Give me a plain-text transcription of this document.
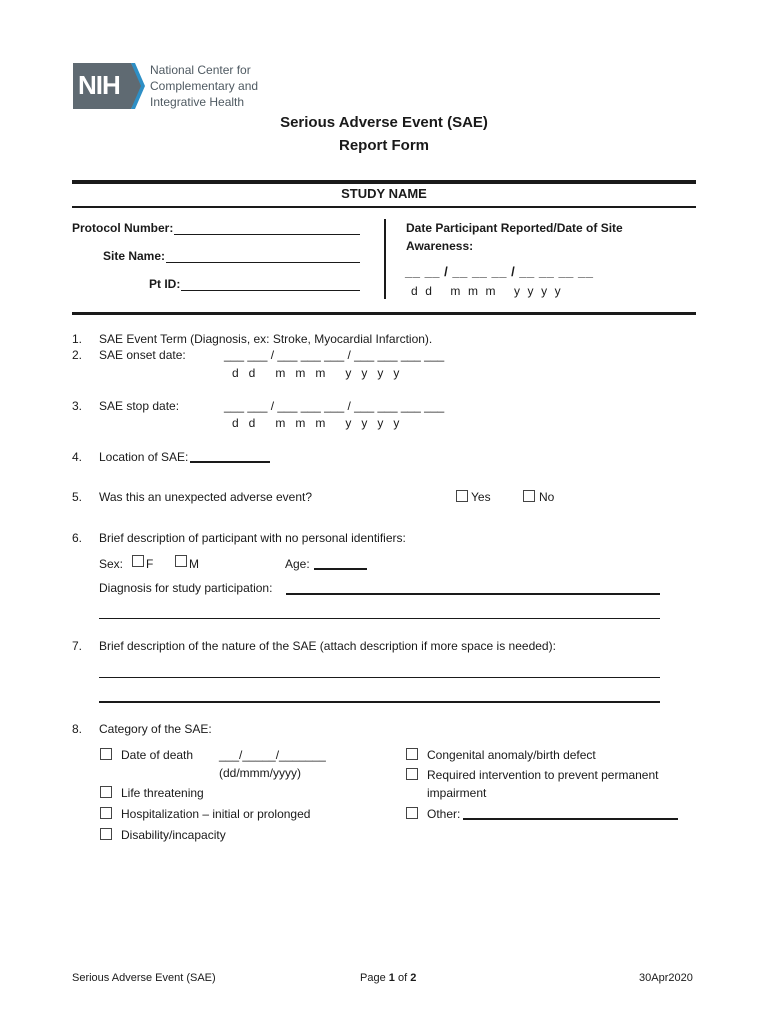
NIH	National Center for
Complementary and
Integrative Health
Serious Adverse Event (SAE)
Report Form
STUDY NAME
Protocol Number:
Site Name:
Pt ID:
Date Participant Reported/Date of Site
Awareness:
__ __ / __ __ __ / __ __ __ __
d  d     m  m  m     y  y  y  y
1. SAE Event Term (Diagnosis, ex: Stroke, Myocardial Infarction).
2. SAE onset date:	___ ___ / ___ ___ ___ / ___ ___ ___ ___
d   d      m   m   m      y   y   y   y
3. SAE stop date:	___ ___ / ___ ___ ___ / ___ ___ ___ ___
d   d      m   m   m      y   y   y   y
4. Location of SAE:
5. Was this an unexpected adverse event?	Yes	No
6. Brief description of participant with no personal identifiers:
Sex: F	M	Age:
Diagnosis for study participation:
7. Brief description of the nature of the SAE (attach description if more space is needed):
8. Category of the SAE:
Date of death ___/_____/_______
(dd/mmm/yyyy)
Life threatening
Hospitalization – initial or prolonged
Disability/incapacity
Congenital anomaly/birth defect
Required intervention to prevent permanent
impairment
Other:
Serious Adverse Event (SAE)	Page 1 of 2	30Apr2020
